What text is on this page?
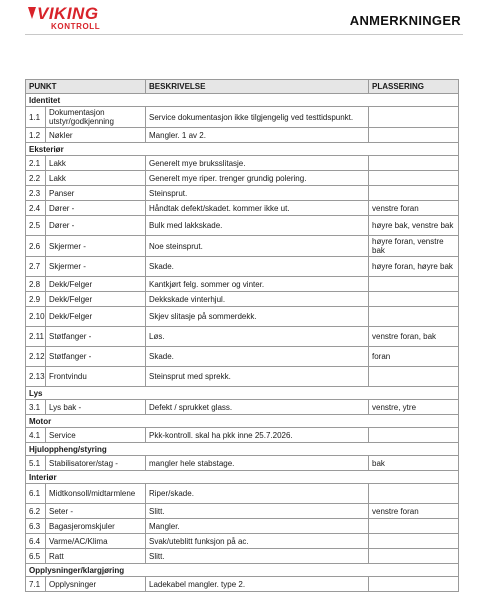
VIKING
KONTROLL	ANMERKNINGER
PUNKT		BESKRIVELSE	PLASSERING
Identitet			
1.1	Dokumentasjon utstyr/godkjenning	Service dokumentasjon ikke tilgjengelig ved testtidspunkt.	
1.2	Nøkler	Mangler. 1 av 2.	
Eksteriør			
2.1	Lakk	Generelt mye bruksslitasje.	
2.2	Lakk	Generelt mye riper. trenger grundig polering.	
2.3	Panser	Steinsprut.	
2.4	Dører -	Håndtak defekt/skadet. kommer ikke ut.	venstre foran
2.5	Dører -	Bulk med lakkskade.	høyre bak, venstre bak
2.6	Skjermer -	Noe steinsprut.	høyre foran, venstre bak
2.7	Skjermer -	Skade.	høyre foran, høyre bak
2.8	Dekk/Felger	Kantkjørt felg. sommer og vinter.	
2.9	Dekk/Felger	Dekkskade vinterhjul.	
2.10	Dekk/Felger	Skjev slitasje på sommerdekk.	
2.11	Støtfanger -	Løs.	venstre foran, bak
2.12	Støtfanger -	Skade.	foran
2.13	Frontvindu	Steinsprut med sprekk.	
Lys			
3.1	Lys bak -	Defekt / sprukket glass.	venstre, ytre
Motor			
4.1	Service	Pkk-kontroll. skal ha pkk inne 25.7.2026.	
Hjuloppheng/styring			
5.1	Stabilisatorer/stag -	mangler hele stabstage.	bak
Interiør			
6.1	Midtkonsoll/midtarmlene	Riper/skade.	
6.2	Seter -	Slitt.	venstre foran
6.3	Bagasjeromskjuler	Mangler.	
6.4	Varme/AC/Klima	Svak/uteblitt funksjon på ac.	
6.5	Ratt	Slitt.	
Opplysninger/klargjøring			
7.1	Opplysninger	Ladekabel mangler. type 2.	
